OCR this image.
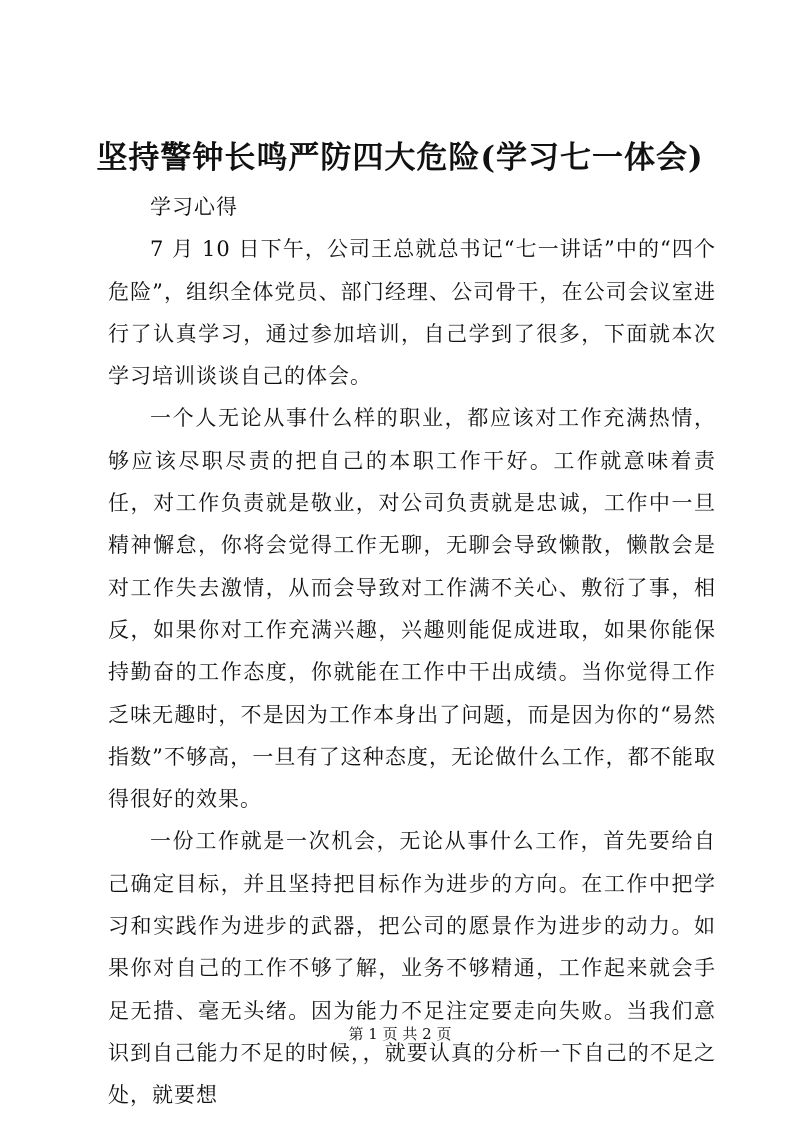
坚持警钟长鸣严防四大危险(学习七一体会)

学习心得

7 月 10 日下午，公司王总就总书记“七一讲话”中的“四个危险”，组织全体党员、部门经理、公司骨干，在公司会议室进行了认真学习，通过参加培训，自己学到了很多，下面就本次学习培训谈谈自己的体会。

一个人无论从事什么样的职业，都应该对工作充满热情，够应该尽职尽责的把自己的本职工作干好。工作就意味着责任，对工作负责就是敬业，对公司负责就是忠诚，工作中一旦精神懈怠，你将会觉得工作无聊，无聊会导致懒散，懒散会是对工作失去激情，从而会导致对工作满不关心、敷衍了事，相反，如果你对工作充满兴趣，兴趣则能促成进取，如果你能保持勤奋的工作态度，你就能在工作中干出成绩。当你觉得工作乏味无趣时，不是因为工作本身出了问题，而是因为你的“易然指数”不够高，一旦有了这种态度，无论做什么工作，都不能取得很好的效果。

一份工作就是一次机会，无论从事什么工作，首先要给自己确定目标，并且坚持把目标作为进步的方向。在工作中把学习和实践作为进步的武器，把公司的愿景作为进步的动力。如果你对自己的工作不够了解，业务不够精通，工作起来就会手足无措、毫无头绪。因为能力不足注定要走向失败。当我们意识到自己能力不足的时候，，就要认真的分析一下自己的不足之处，就要想

第 1 页 共 2 页
